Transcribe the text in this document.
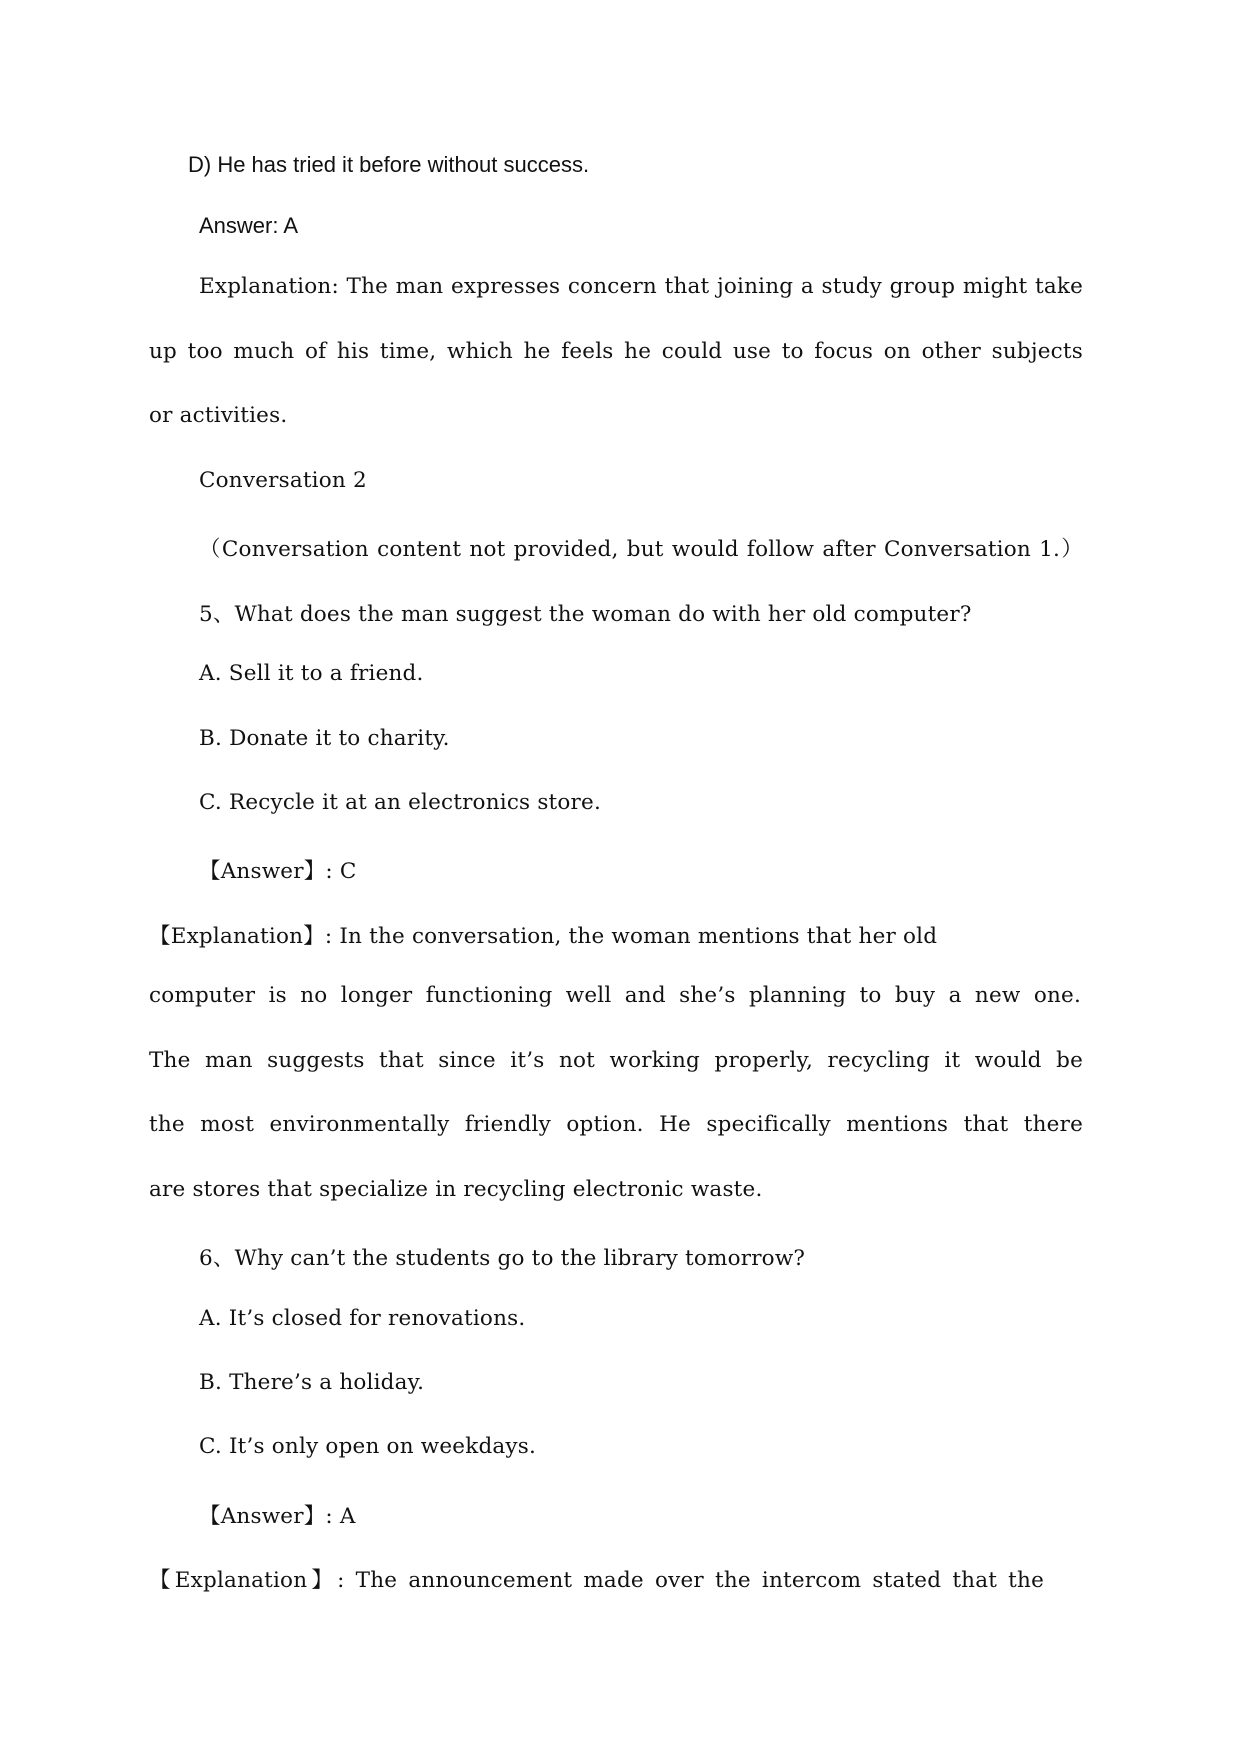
D) He has tried it before without success.
Answer: A
Explanation: The man expresses concern that joining a study group might take
up too much of his time, which he feels he could use to focus on other subjects
or activities.
Conversation 2
（Conversation content not provided, but would follow after Conversation 1.）
5、What does the man suggest the woman do with her old computer?
A. Sell it to a friend.
B. Donate it to charity.
C. Recycle it at an electronics store.
【Answer】: C
【Explanation】: In the conversation, the woman mentions that her old
computer is no longer functioning well and she’s planning to buy a new one.
The man suggests that since it’s not working properly, recycling it would be
the most environmentally friendly option. He specifically mentions that there
are stores that specialize in recycling electronic waste.
6、Why can’t the students go to the library tomorrow?
A. It’s closed for renovations.
B. There’s a holiday.
C. It’s only open on weekdays.
【Answer】: A
【Explanation】: The announcement made over the intercom stated that the
